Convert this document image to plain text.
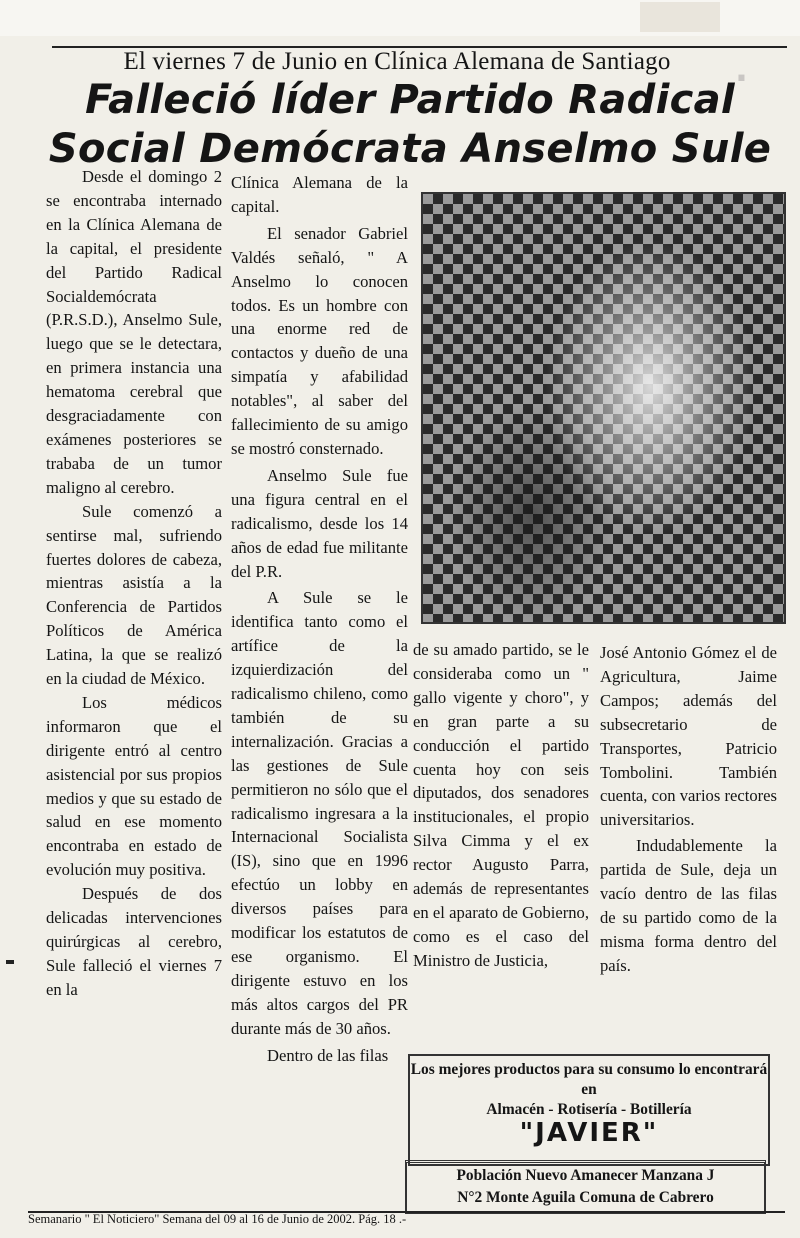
.
El viernes 7 de Junio en Clínica Alemana de Santiago
Falleció líder Partido Radical
Social Demócrata Anselmo Sule

Desde el domingo 2 se encontraba internado en la Clínica Alemana de la capital, el presidente del Partido Radical Socialdemócrata (P.R.S.D.), Anselmo Sule, luego que se le detectara, en primera instancia una hematoma cerebral que desgraciadamente con exámenes posteriores se trababa de un tumor maligno al cerebro.

Sule comenzó a sentirse mal, sufriendo fuertes dolores de cabeza, mientras asistía a la Conferencia de Partidos Políticos de América Latina, la que se realizó en la ciudad de México.

Los médicos informaron que el dirigente entró al centro asistencial por sus propios medios y que su estado de salud en ese momento encontraba en estado de evolución muy positiva.

Después de dos delicadas intervenciones quirúrgicas al cerebro, Sule falleció el viernes 7 en la

Clínica Alemana de la capital.

El senador Gabriel Valdés señaló, " A Anselmo lo conocen todos. Es un hombre con una enorme red de contactos y dueño de una simpatía y afabilidad notables", al saber del fallecimiento de su amigo se mostró consternado.

Anselmo Sule fue una figura central en el radicalismo, desde los 14 años de edad fue militante del P.R.

A Sule se le identifica tanto como el artífice de la izquierdización del radicalismo chileno, como también de su internalización. Gracias a las gestiones de Sule permitieron no sólo que el radicalismo ingresara a la Internacional Socialista (IS), sino que en 1996 efectúo un lobby en diversos países para modificar los estatutos de ese organismo. El dirigente estuvo en los más altos cargos del PR durante más de 30 años.

Dentro de las filas

de su amado partido, se le consideraba como un " gallo vigente y choro", y en gran parte a su conducción el partido cuenta hoy con seis diputados, dos senadores institucionales, el propio Silva Cimma y el ex rector Augusto Parra, además de representantes en el aparato de Gobierno, como es el caso del Ministro de Justicia,

José Antonio Gómez el de Agricultura, Jaime Campos; además del subsecretario de Transportes, Patricio Tombolini. También cuenta, con varios rectores universitarios.

Indudablemente la partida de Sule, deja un vacío dentro de las filas de su partido como de la misma forma dentro del país.

Los mejores productos para su consumo lo encontrará en
Almacén - Rotisería - Botillería
"JAVIER"
Población Nuevo Amanecer Manzana J
N°2 Monte Aguila Comuna de Cabrero
Semanario " El Noticiero" Semana del 09 al 16 de Junio de 2002. Pág. 18 .-
